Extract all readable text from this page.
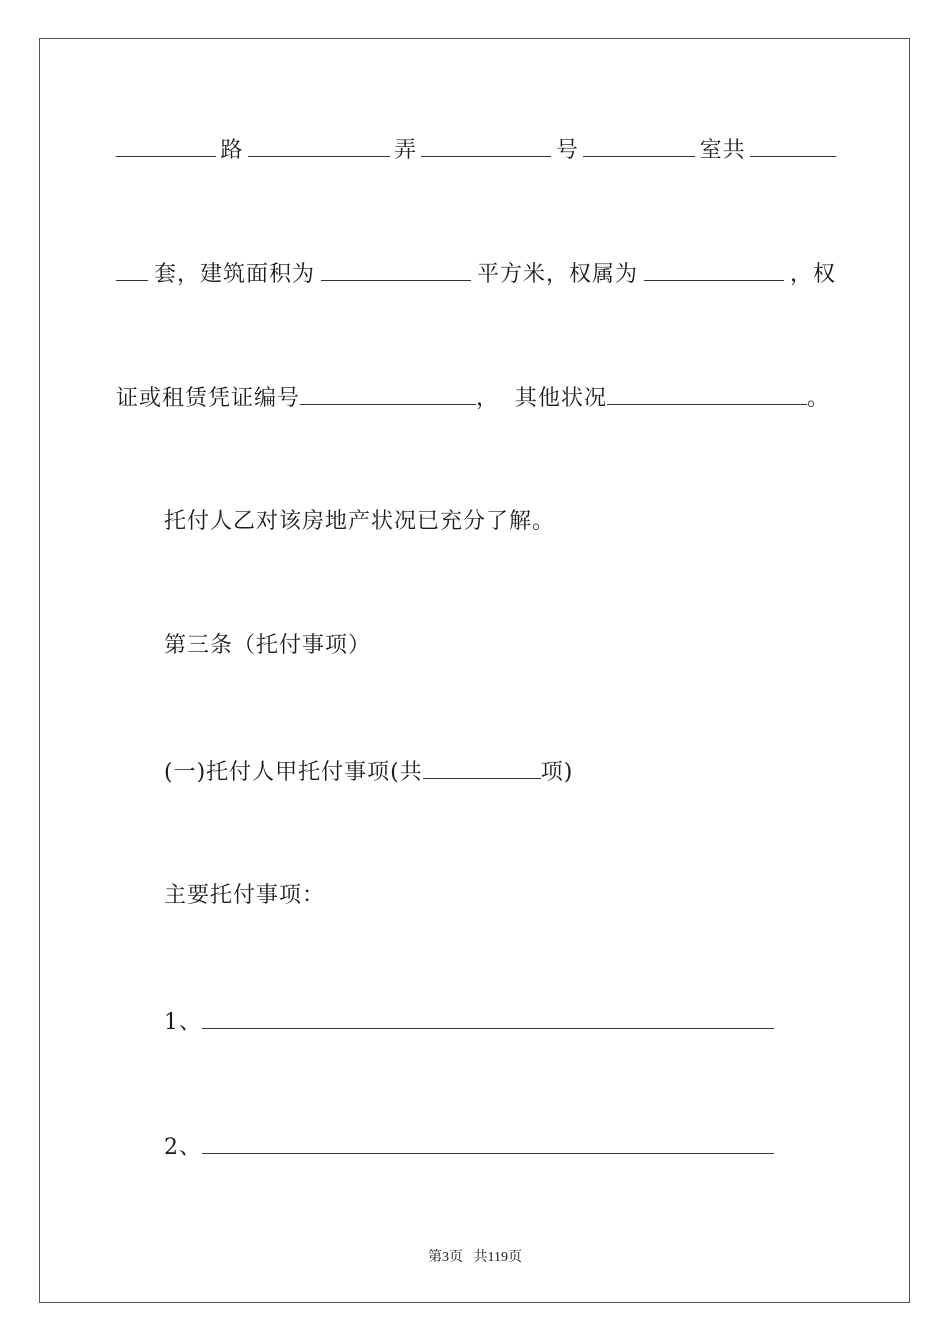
路	弄	号	室共
套，建筑面积为	平方米，权属为	，权
证或租赁凭证编号	，  其他状况	。
托付人乙对该房地产状况已充分了解。
第三条（托付事项）
(一)托付人甲托付事项(共	项)
主要托付事项：
1、
2、
第3页   共119页
